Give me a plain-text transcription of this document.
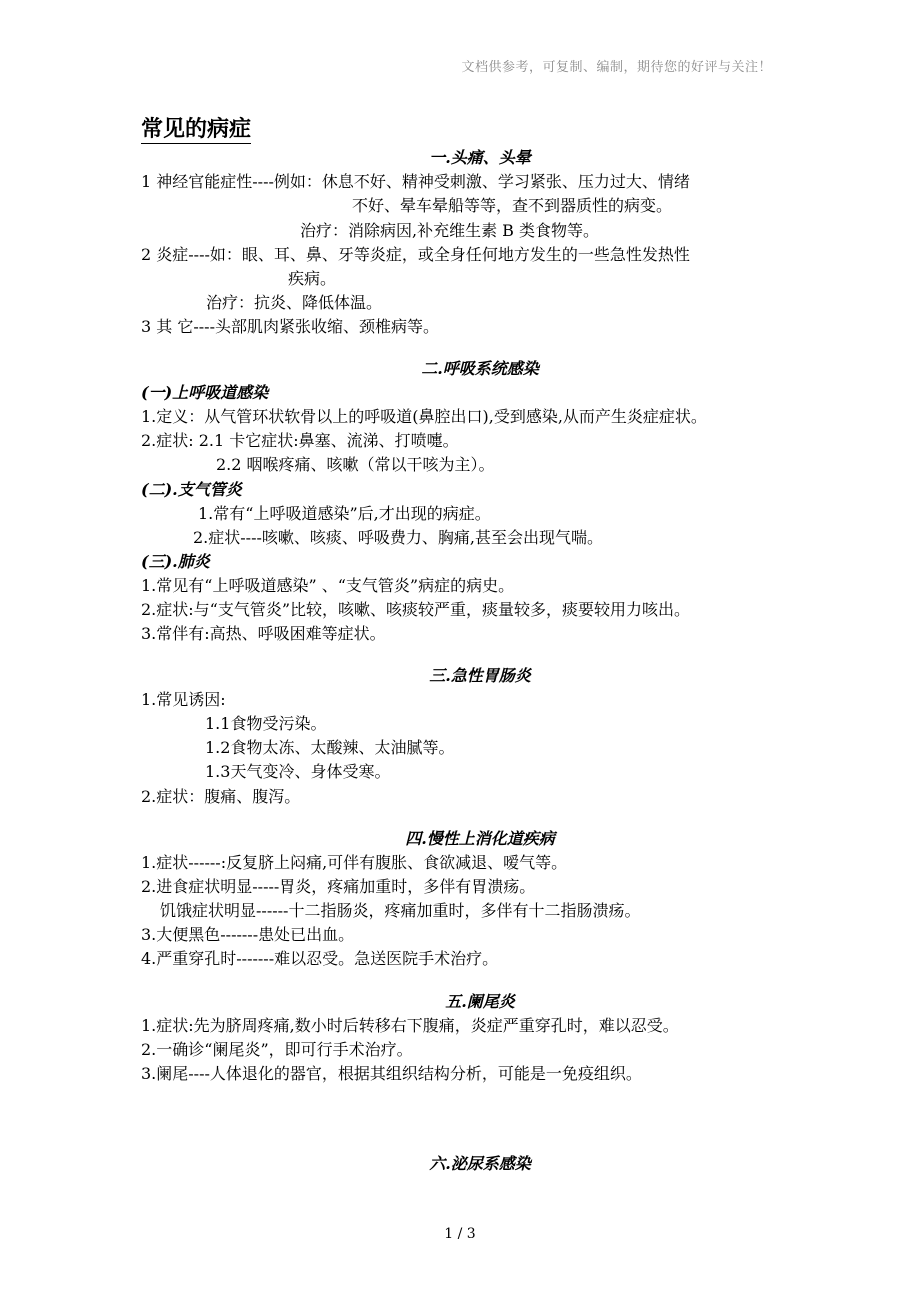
文档供参考，可复制、编制，期待您的好评与关注！
常见的病症
一.头痛、头晕
1 神经官能症性----例如：休息不好、精神受刺激、学习紧张、压力过大、情绪
不好、晕车晕船等等，查不到器质性的病变。
治疗：消除病因,补充维生素 B 类食物等。
2 炎症----如：眼、耳、鼻、牙等炎症，或全身任何地方发生的一些急性发热性
疾病。
治疗：抗炎、降低体温。
3 其 它----头部肌肉紧张收缩、颈椎病等。
二.呼吸系统感染
(一)上呼吸道感染
1.定义：从气管环状软骨以上的呼吸道(鼻腔出口),受到感染,从而产生炎症症状。
2.症状: 2.1 卡它症状:鼻塞、流涕、打喷嚏。
2.2 咽喉疼痛、咳嗽（常以干咳为主）。
(二).支气管炎
1.常有“上呼吸道感染”后,才出现的病症。
2.症状----咳嗽、咳痰、呼吸费力、胸痛,甚至会出现气喘。
(三).肺炎
1.常见有“上呼吸道感染” 、“支气管炎”病症的病史。
2.症状:与“支气管炎”比较，咳嗽、咳痰较严重，痰量较多，痰要较用力咳出。
3.常伴有:高热、呼吸困难等症状。
三.急性胃肠炎
1.常见诱因:
1.1食物受污染。
1.2食物太冻、太酸辣、太油腻等。
1.3天气变冷、身体受寒。
2.症状：腹痛、腹泻。
四.慢性上消化道疾病
1.症状------:反复脐上闷痛,可伴有腹胀、食欲减退、嗳气等。
2.进食症状明显-----胃炎，疼痛加重时，多伴有胃溃疡。
饥饿症状明显------十二指肠炎，疼痛加重时，多伴有十二指肠溃疡。
3.大便黑色-------患处已出血。
4.严重穿孔时-------难以忍受。急送医院手术治疗。
五.阑尾炎
1.症状:先为脐周疼痛,数小时后转移右下腹痛，炎症严重穿孔时，难以忍受。
2.一确诊“阑尾炎”，即可行手术治疗。
3.阑尾----人体退化的器官，根据其组织结构分析，可能是一免疫组织。
六.泌尿系感染
1 / 3
